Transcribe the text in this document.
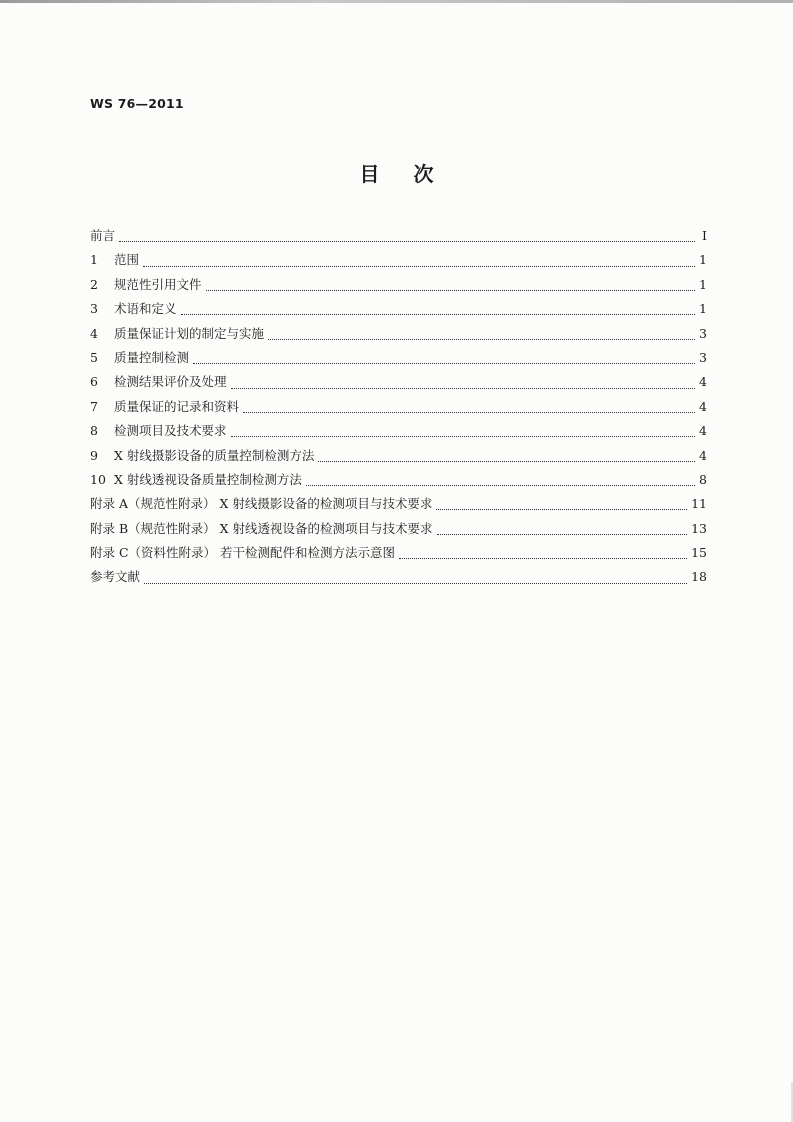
WS 76—2011
目 次
前言	Ⅰ
1	范围	1
2	规范性引用文件	1
3	术语和定义	1
4	质量保证计划的制定与实施	3
5	质量控制检测	3
6	检测结果评价及处理	4
7	质量保证的记录和资料	4
8	检测项目及技术要求	4
9	X 射线摄影设备的质量控制检测方法	4
10 X 射线透视设备质量控制检测方法	8
附录 A（规范性附录） X 射线摄影设备的检测项目与技术要求	11
附录 B（规范性附录） X 射线透视设备的检测项目与技术要求	13
附录 C（资料性附录） 若干检测配件和检测方法示意图	15
参考文献	18
